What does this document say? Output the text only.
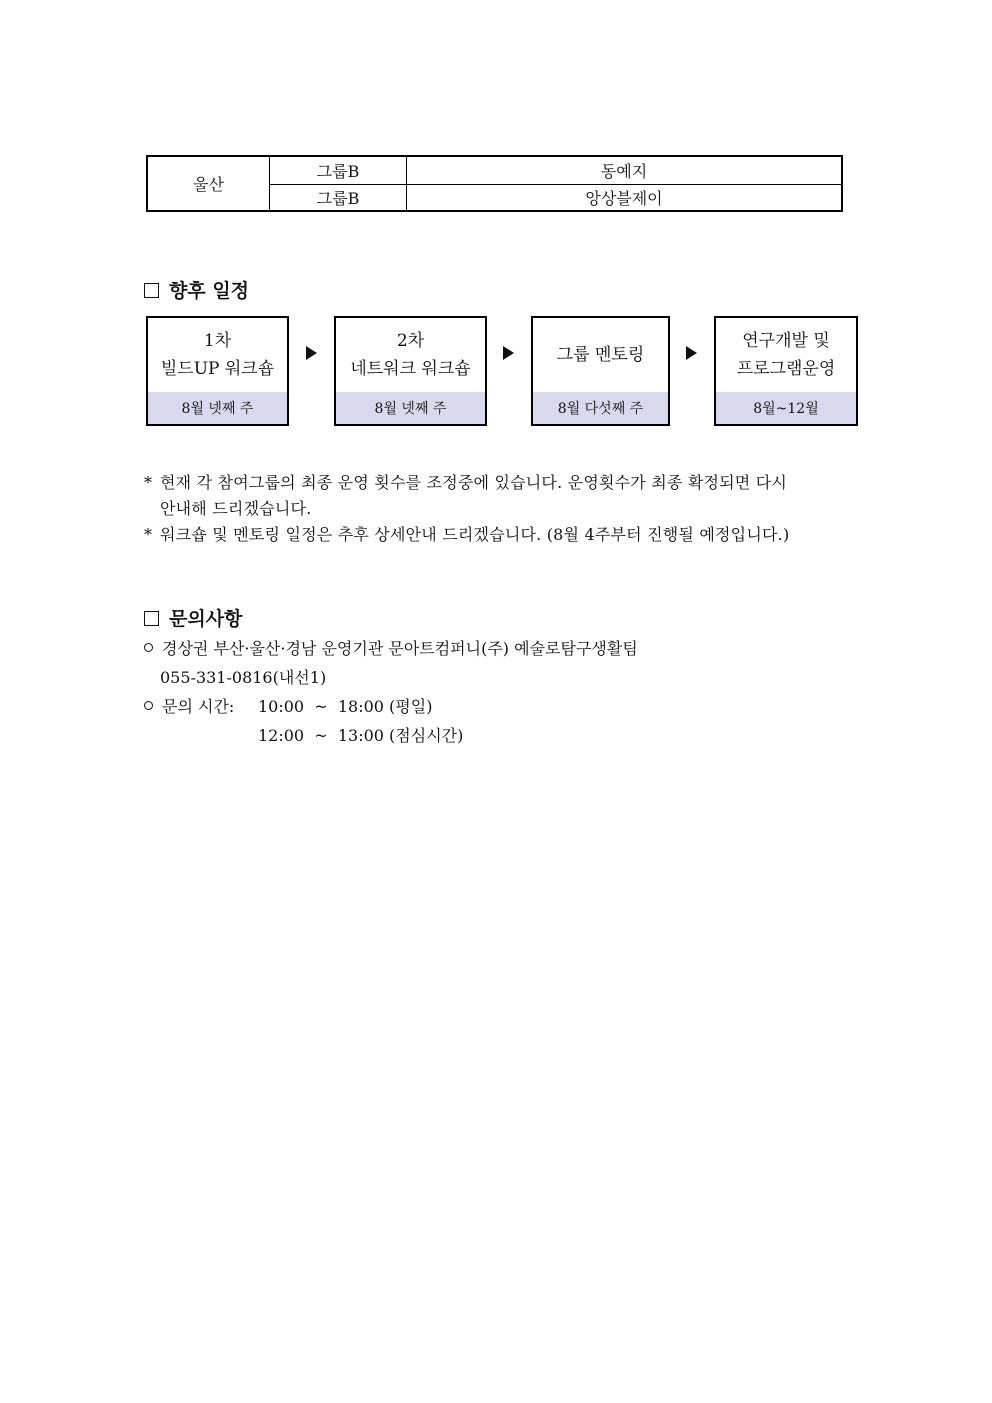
울산	그룹B	동예지
	그룹B	앙상블제이
향후 일정
1차
빌드UP 워크숍
8월 넷째 주
2차
네트워크 워크숍
8월 넷째 주
그룹 멘토링
8월 다섯째 주
연구개발 및
프로그램운영
8월~12월
* 현재 각 참여그룹의 최종 운영 횟수를 조정중에 있습니다. 운영횟수가 최종 확정되면 다시
안내해 드리겠습니다.
* 워크숍 및 멘토링 일정은 추후 상세안내 드리겠습니다. (8월 4주부터 진행될 예정입니다.)
문의사항
경상권 부산·울산·경남 운영기관 문아트컴퍼니(주) 예술로탐구생활팀
055-331-0816(내선1)
문의 시간: 10:00  ~  18:00 (평일)
12:00  ~  13:00 (점심시간)
